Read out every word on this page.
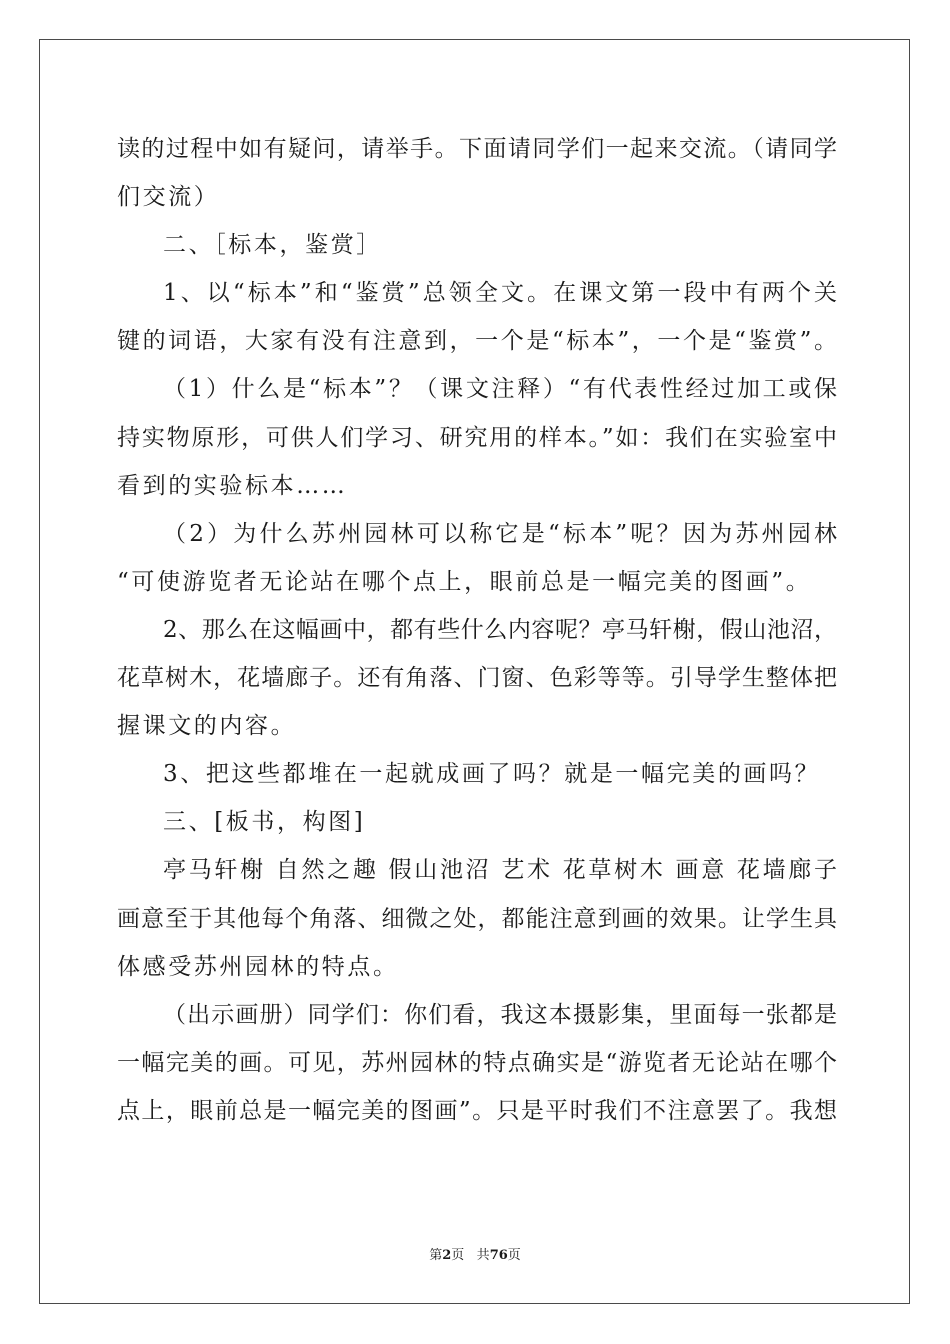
读的过程中如有疑问，请举手。下面请同学们一起来交流。（请同学
们交流）
二、［标本，鉴赏］
1、以“标本”和“鉴赏”总领全文。在课文第一段中有两个关
键的词语，大家有没有注意到，一个是“标本”，一个是“鉴赏”。
（1）什么是“标本”？（课文注释）“有代表性经过加工或保
持实物原形，可供人们学习、研究用的样本。”如：我们在实验室中
看到的实验标本……
（2）为什么苏州园林可以称它是“标本”呢？因为苏州园林
“可使游览者无论站在哪个点上，眼前总是一幅完美的图画”。
2、那么在这幅画中，都有些什么内容呢？亭马轩榭，假山池沼，
花草树木，花墙廊子。还有角落、门窗、色彩等等。引导学生整体把
握课文的内容。
3、把这些都堆在一起就成画了吗？就是一幅完美的画吗？
三、[板书，构图]
亭马轩榭 自然之趣 假山池沼 艺术 花草树木 画意 花墙廊子
画意至于其他每个角落、细微之处，都能注意到画的效果。让学生具
体感受苏州园林的特点。
（出示画册）同学们：你们看，我这本摄影集，里面每一张都是
一幅完美的画。可见，苏州园林的特点确实是“游览者无论站在哪个
点上，眼前总是一幅完美的图画”。只是平时我们不注意罢了。我想
第2页 共76页
